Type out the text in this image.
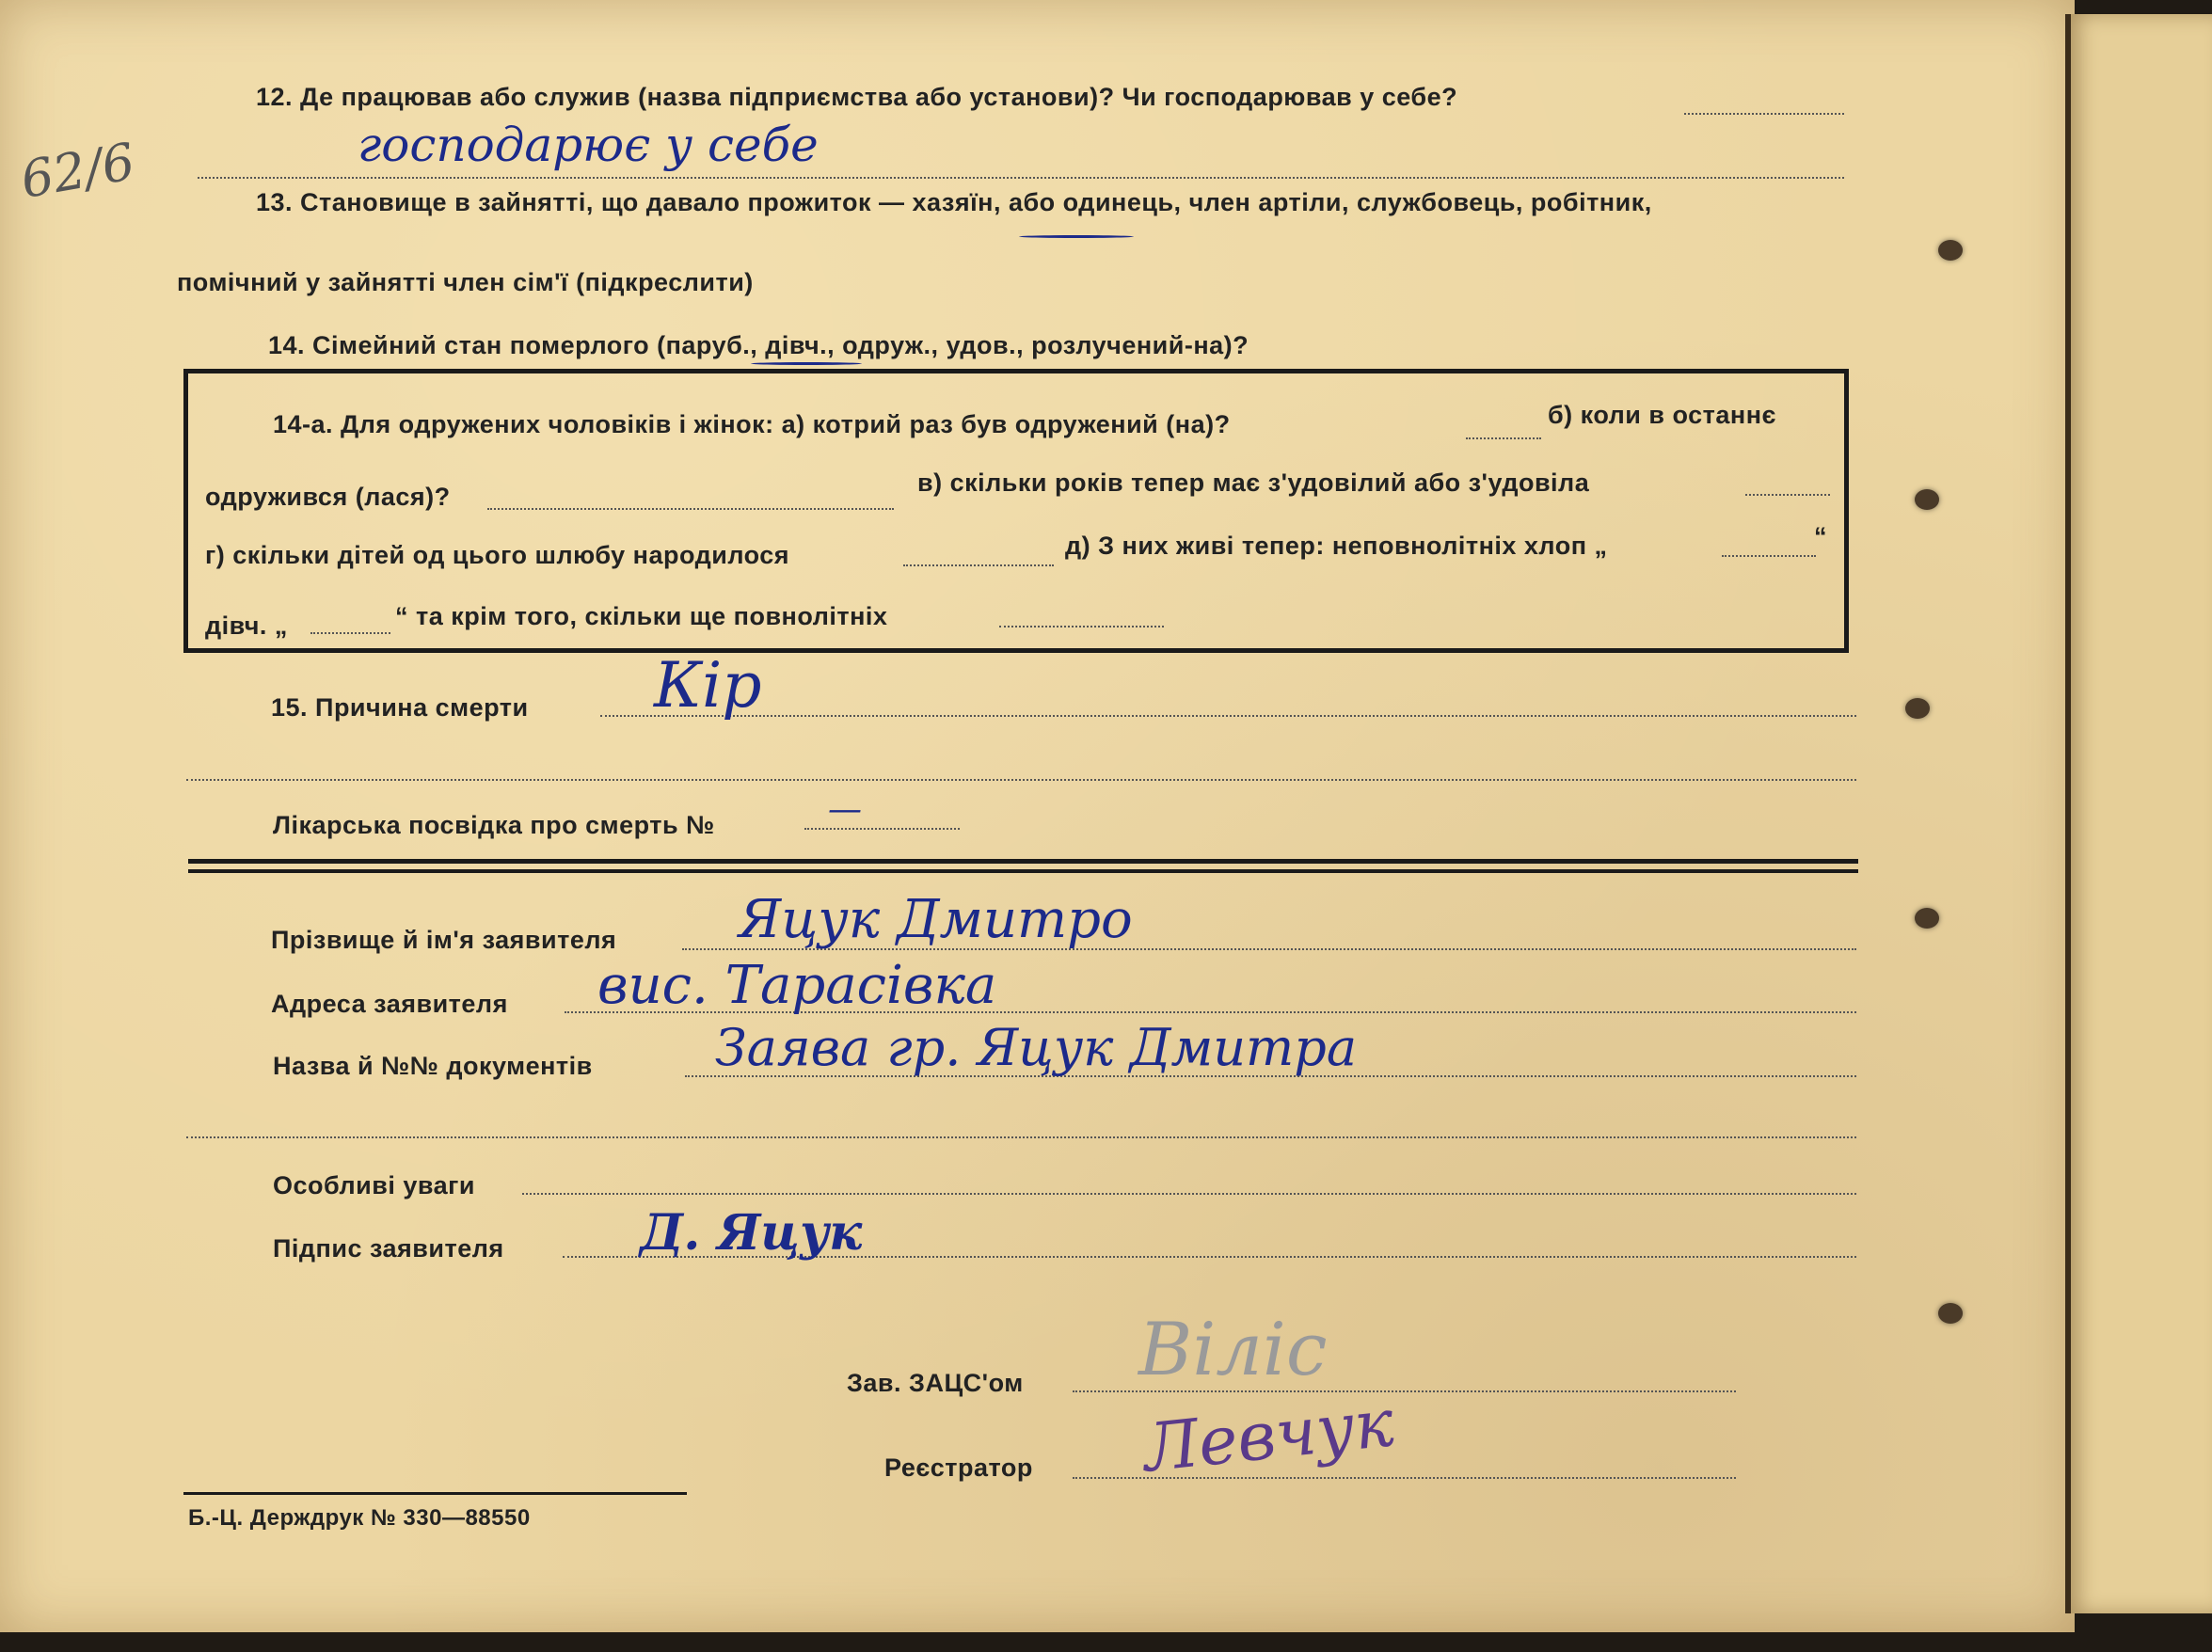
62/6
12. Де працював або служив (назва підприємства або установи)? Чи господарював у себе?
господарює у себе
13. Становище в зайнятті, що давало прожиток — хазяїн, або одинець, член артіли, службовець, робітник,
помічний у зайнятті член сім'ї (підкреслити)
14. Сімейний стан померлого (паруб., дівч., одруж., удов., розлучений-на)?
14-а. Для одружених чоловіків і жінок: а) котрий раз був одружений (на)?	б) коли в останнє
одружився (лася)?	в) скільки років тепер має з'удовілий або з'удовіла
г) скільки дітей од цього шлюбу народилося	д) З них живі тепер: неповнолітніх хлоп „	“
дівч. „	“ та крім того, скільки ще повнолітніх
15. Причина смерти Кір
Лікарська посвідка про смерть №	—
Прізвище й ім'я заявителя Яцук Дмитро
Адреса заявителя вис. Тарасівка
Назва й №№ документів Заява гр. Яцук Дмитра
Особливі уваги
Підпис заявителя	Д. Яцук
Зав. ЗАЦС'ом Віліс
Реєстратор Левчук
Б.-Ц. Держдрук № 330—88550
